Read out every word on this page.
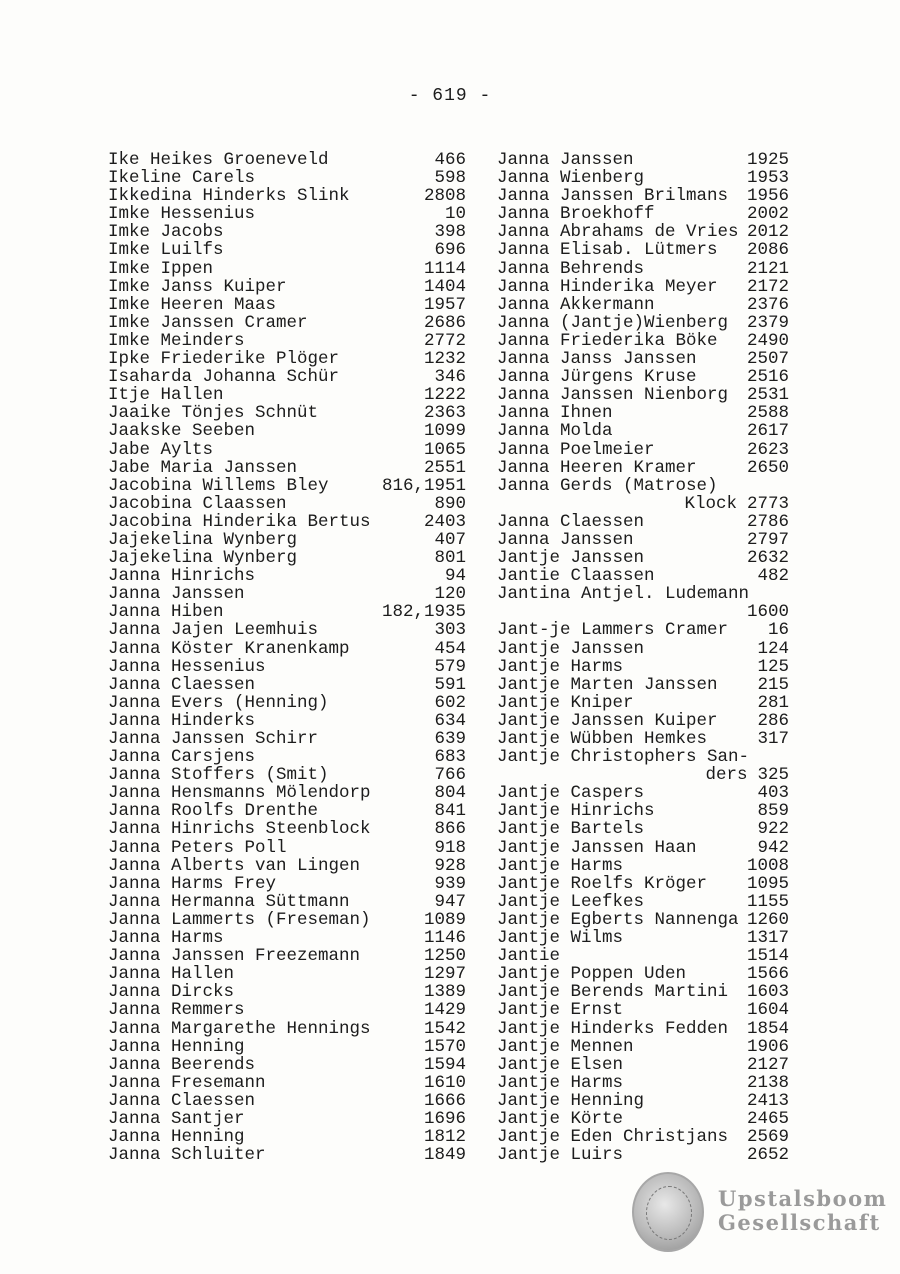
- 619 -
Ike Heikes Groeneveld	466
Ikeline Carels	598
Ikkedina Hinderks Slink	2808
Imke Hessenius	10
Imke Jacobs	398
Imke Luilfs	696
Imke Ippen	1114
Imke Janss Kuiper	1404
Imke Heeren Maas	1957
Imke Janssen Cramer	2686
Imke Meinders	2772
Ipke Friederike Plöger	1232
Isaharda Johanna Schür	346
Itje Hallen	1222
Jaaike Tönjes Schnüt	2363
Jaakske Seeben	1099
Jabe Aylts	1065
Jabe Maria Janssen	2551
Jacobina Willems Bley	816,1951
Jacobina Claassen	890
Jacobina Hinderika Bertus	2403
Jajekelina Wynberg	407
Jajekelina Wynberg	801
Janna Hinrichs	94
Janna Janssen	120
Janna Hiben	182,1935
Janna Jajen Leemhuis	303
Janna Köster Kranenkamp	454
Janna Hessenius	579
Janna Claessen	591
Janna Evers (Henning)	602
Janna Hinderks	634
Janna Janssen Schirr	639
Janna Carsjens	683
Janna Stoffers (Smit)	766
Janna Hensmanns Mölendorp	804
Janna Roolfs Drenthe	841
Janna Hinrichs Steenblock	866
Janna Peters Poll	918
Janna Alberts van Lingen	928
Janna Harms Frey	939
Janna Hermanna Süttmann	947
Janna Lammerts (Freseman)	1089
Janna Harms	1146
Janna Janssen Freezemann	1250
Janna Hallen	1297
Janna Dircks	1389
Janna Remmers	1429
Janna Margarethe Hennings	1542
Janna Henning	1570
Janna Beerends	1594
Janna Fresemann	1610
Janna Claessen	1666
Janna Santjer	1696
Janna Henning	1812
Janna Schluiter	1849
Janna Janssen	1925
Janna Wienberg	1953
Janna Janssen Brilmans 1956
Janna Broekhoff	2002
Janna Abrahams de Vries 2012
Janna Elisab. Lütmers 2086
Janna Behrends	2121
Janna Hinderika Meyer 2172
Janna Akkermann	2376
Janna (Jantje)Wienberg 2379
Janna Friederika Böke 2490
Janna Janss Janssen	2507
Janna Jürgens Kruse	2516
Janna Janssen Nienborg 2531
Janna Ihnen	2588
Janna Molda	2617
Janna Poelmeier	2623
Janna Heeren Kramer	2650
Janna Gerds (Matrose)
Klock 2773
Janna Claessen	2786
Janna Janssen	2797
Jantje Janssen	2632
Jantie Claassen	482
Jantina Antjel. Ludemann
1600
Jant-je Lammers Cramer 16
Jantje Janssen	124
Jantje Harms	125
Jantje Marten Janssen 215
Jantje Kniper	281
Jantje Janssen Kuiper 286
Jantje Wübben Hemkes	317
Jantje Christophers San-
ders 325
Jantje Caspers	403
Jantje Hinrichs	859
Jantje Bartels	922
Jantje Janssen Haan	942
Jantje Harms	1008
Jantje Roelfs Kröger 1095
Jantje Leefkes	1155
Jantje Egberts Nannenga 1260
Jantje Wilms	1317
Jantie	1514
Jantje Poppen Uden	1566
Jantje Berends Martini 1603
Jantje Ernst	1604
Jantje Hinderks Fedden 1854
Jantje Mennen	1906
Jantje Elsen	2127
Jantje Harms	2138
Jantje Henning	2413
Jantje Körte	2465
Jantje Eden Christjans 2569
Jantje Luirs	2652
Upstalsboom
Gesellschaft
